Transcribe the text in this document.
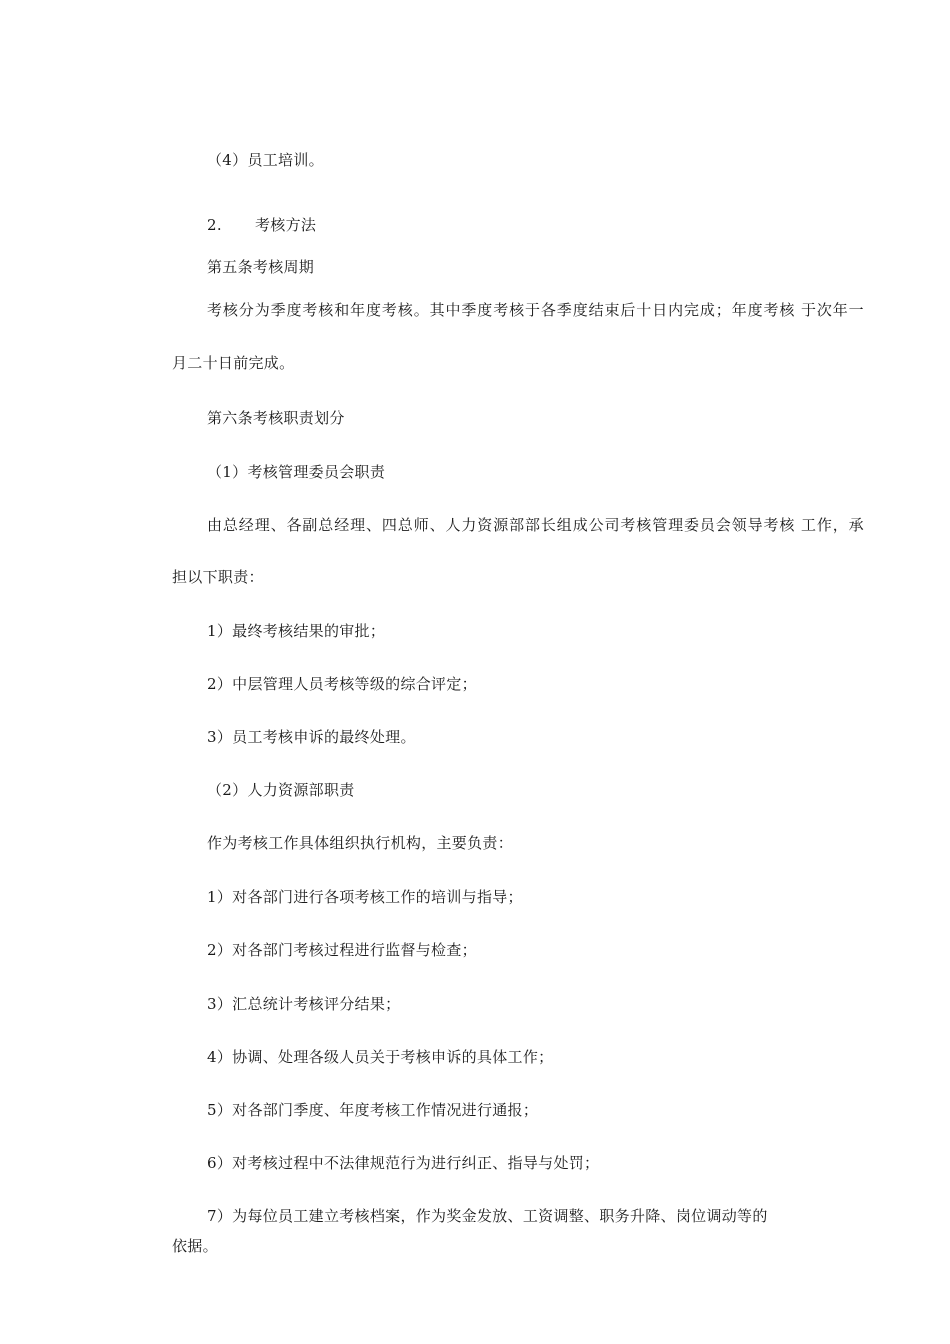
（4）员工培训。
2. 考核方法
第五条考核周期
考核分为季度考核和年度考核。其中季度考核于各季度结束后十日内完成；年度考核 于次年一
月二十日前完成。
第六条考核职责划分
（1）考核管理委员会职责
由总经理、各副总经理、四总师、人力资源部部长组成公司考核管理委员会领导考核 工作，承
担以下职责：
1）最终考核结果的审批；
2）中层管理人员考核等级的综合评定；
3）员工考核申诉的最终处理。
（2）人力资源部职责
作为考核工作具体组织执行机构，主要负责：
1）对各部门进行各项考核工作的培训与指导；
2）对各部门考核过程进行监督与检查；
3）汇总统计考核评分结果；
4）协调、处理各级人员关于考核申诉的具体工作；
5）对各部门季度、年度考核工作情况进行通报；
6）对考核过程中不法律规范行为进行纠正、指导与处罚；
7）为每位员工建立考核档案，作为奖金发放、工资调整、职务升降、岗位调动等的
依据。
